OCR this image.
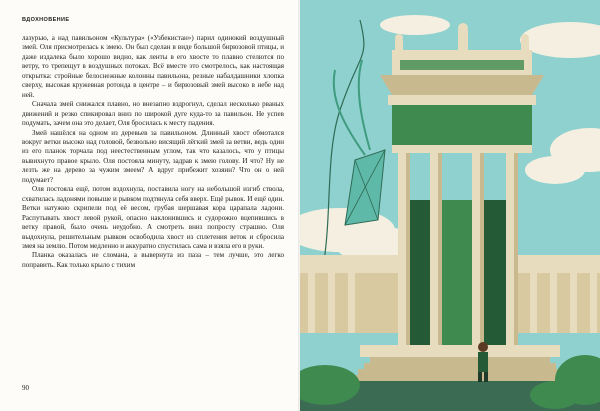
ВДОХНОВЕНИЕ

лазурью, а над павильоном «Культура» («Узбекистан») парил одинокий воздушный змей. Оля присмотрелась к змею. Он был сделан в виде большой бирюзовой птицы, и даже издалека было хорошо видно, как ленты в его хвосте то плавно стелются по ветру, то трепещут в воздушных потоках. Всё вместе это смотрелось, как настоящая открытка: стройные белоснежные колонны павильона, резные набалдашники хлопка сверху, высокая кружевная ротонда в центре – и бирюзовый змей высоко в небе над ней.

Сначала змей снижался плавно, но внезапно вздрогнул, сделал несколько рваных движений и резко спикировал вниз по широкой дуге куда-то за павильон. Не успев подумать, зачем она это делает, Оля бросилась к месту падения.

Змей нашёлся на одном из деревьев за павильоном. Длинный хвост обмотался вокруг ветки высоко над головой, безвольно висящий лёгкий змей за ветви, ведь один из его планок торчала под неестественным углом, так что казалось, что у птицы вывихнуто правое крыло. Оля постояла минуту, задрав к змею голову. И что? Ну не лезть же на дерево за чужим змеем? А вдруг прибежит хозяин? Что он о ней подумает?

Оля постояла ещё, потом вздохнула, поставила ногу на небольшой изгиб ствола, схватилась ладонями повыше и рывком подтянула себя вверх. Ещё рывок. И ещё один. Ветки натужно скрипели под её весом, грубая шершавая кора царапала ладони. Распутывать хвост левой рукой, опасно наклонившись и судорожно вцепившись в ветку правой, было очень неудобно. А смотреть вниз попросту страшно. Оля выдохнула, решительным рывком освободила хвост из сплетения веток и сбросила змея на землю. Потом медленно и аккуратно спустилась сама и взяла его в руки.

Планка оказалась не сломана, а вывернута из паза – тем лучше, это легко поправить. Как только крыло с тихим

90
